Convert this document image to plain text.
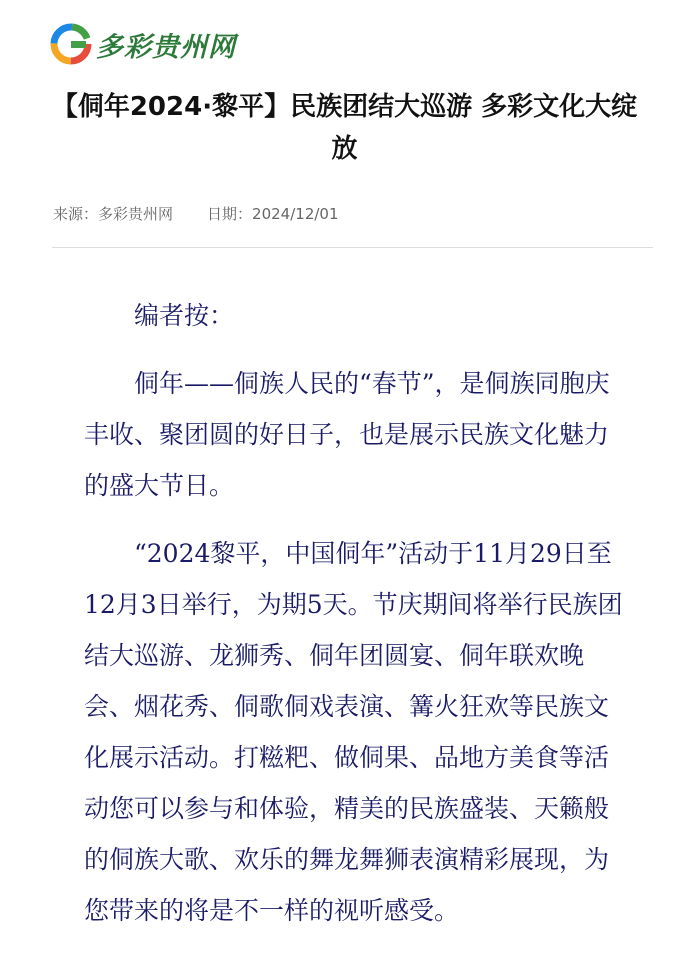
多彩贵州网
【侗年2024·黎平】民族团结大巡游 多彩文化大绽放
来源：多彩贵州网 日期：2024/12/01

编者按：

侗年——侗族人民的“春节”，是侗族同胞庆丰收、聚团圆的好日子，也是展示民族文化魅力的盛大节日。

“2024黎平，中国侗年”活动于11月29日至12月3日举行，为期5天。节庆期间将举行民族团结大巡游、龙狮秀、侗年团圆宴、侗年联欢晚会、烟花秀、侗歌侗戏表演、篝火狂欢等民族文化展示活动。打糍粑、做侗果、品地方美食等活动您可以参与和体验，精美的民族盛装、天籁般的侗族大歌、欢乐的舞龙舞狮表演精彩展现，为您带来的将是不一样的视听感受。
